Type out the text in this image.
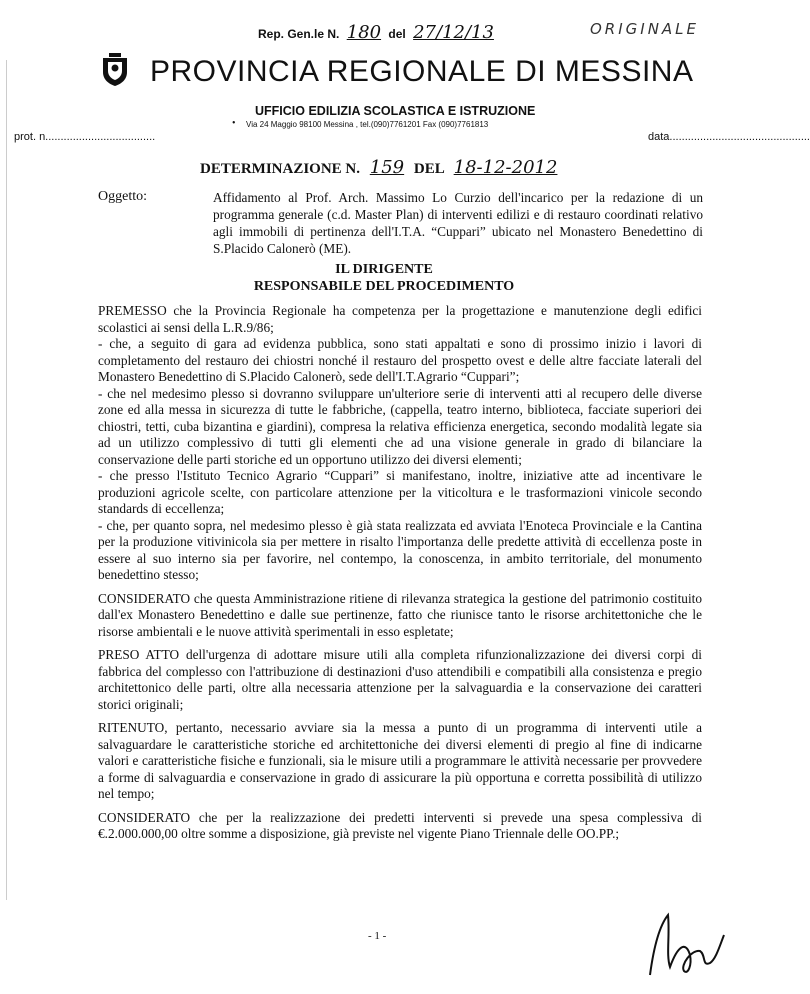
Rep. Gen.le N. 180 del 27/12/13	ORIGINALE
PROVINCIA REGIONALE DI MESSINA
UFFICIO EDILIZIA SCOLASTICA E ISTRUZIONE
• Via 24 Maggio 98100 Messina , tel.(090)7761201 Fax (090)7761813
prot. n....................................	data..............................................
DETERMINAZIONE N. 159 DEL 18-12-2012
Oggetto:	Affidamento al Prof. Arch. Massimo Lo Curzio dell'incarico per la redazione di un programma generale (c.d. Master Plan) di interventi edilizi e di restauro coordinati relativo agli immobili di pertinenza dell'I.T.A. “Cuppari” ubicato nel Monastero Benedettino di S.Placido Calonerò (ME).
IL DIRIGENTE
RESPONSABILE DEL PROCEDIMENTO

PREMESSO che la Provincia Regionale ha competenza per la progettazione e manutenzione degli edifici scolastici ai sensi della L.R.9/86;
- che, a seguito di gara ad evidenza pubblica, sono stati appaltati e sono di prossimo inizio i lavori di completamento del restauro dei chiostri nonché il restauro del prospetto ovest e delle altre facciate laterali del Monastero Benedettino di S.Placido Calonerò, sede dell'I.T.Agrario “Cuppari”;
- che nel medesimo plesso si dovranno sviluppare un'ulteriore serie di interventi atti al recupero delle diverse zone ed alla messa in sicurezza di tutte le fabbriche, (cappella, teatro interno, biblioteca, facciate superiori dei chiostri, tetti, cuba bizantina e giardini), compresa la relativa efficienza energetica, secondo modalità legate sia ad un utilizzo complessivo di tutti gli elementi che ad una visione generale in grado di bilanciare la conservazione delle parti storiche ed un opportuno utilizzo dei diversi elementi;
- che presso l'Istituto Tecnico Agrario “Cuppari” si manifestano, inoltre, iniziative atte ad incentivare le produzioni agricole scelte, con particolare attenzione per la viticoltura e le trasformazioni vinicole secondo standards di eccellenza;
- che, per quanto sopra, nel medesimo plesso è già stata realizzata ed avviata l'Enoteca Provinciale e la Cantina per la produzione vitivinicola sia per mettere in risalto l'importanza delle predette attività di eccellenza poste in essere al suo interno sia per favorire, nel contempo, la conoscenza, in ambito territoriale, del monumento benedettino stesso;

CONSIDERATO che questa Amministrazione ritiene di rilevanza strategica la gestione del patrimonio costituito dall'ex Monastero Benedettino e dalle sue pertinenze, fatto che riunisce tanto le risorse architettoniche che le risorse ambientali e le nuove attività sperimentali in esso espletate;

PRESO ATTO dell'urgenza di adottare misure utili alla completa rifunzionalizzazione dei diversi corpi di fabbrica del complesso con l'attribuzione di destinazioni d'uso attendibili e compatibili alla consistenza e pregio architettonico delle parti, oltre alla necessaria attenzione per la salvaguardia e la conservazione dei caratteri storici originali;

RITENUTO, pertanto, necessario avviare sia la messa a punto di un programma di interventi utile a salvaguardare le caratteristiche storiche ed architettoniche dei diversi elementi di pregio al fine di indicarne valori e caratteristiche fisiche e funzionali, sia le misure utili a programmare le attività necessarie per provvedere a forme di salvaguardia e conservazione in grado di assicurare la più opportuna e corretta possibilità di utilizzo nel tempo;

CONSIDERATO che per la realizzazione dei predetti interventi si prevede una spesa complessiva di €.2.000.000,00 oltre somme a disposizione, già previste nel vigente Piano Triennale delle OO.PP.;

- 1 -
